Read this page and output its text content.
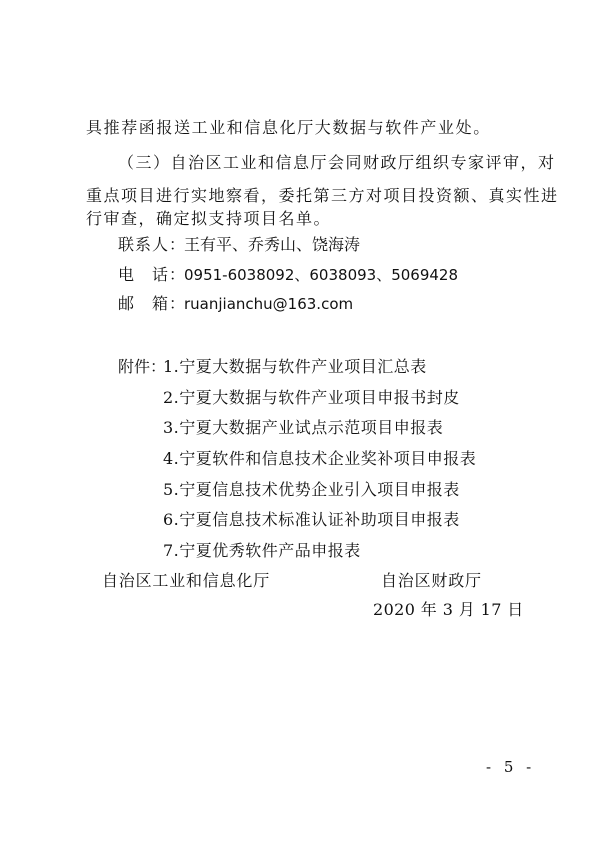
具推荐函报送工业和信息化厅大数据与软件产业处。

（三）自治区工业和信息厅会同财政厅组织专家评审，对

重点项目进行实地察看，委托第三方对项目投资额、真实性进

行审查，确定拟支持项目名单。

联系人：
王有平、乔秀山、饶海涛
电　话：
0951-6038092、6038093、5069428
邮　箱：
ruanjianchu@163.com
附件：
1.宁夏大数据与软件产业项目汇总表
2.宁夏大数据与软件产业项目申报书封皮
3.宁夏大数据产业试点示范项目申报表
4.宁夏软件和信息技术企业奖补项目申报表
5.宁夏信息技术优势企业引入项目申报表
6.宁夏信息技术标准认证补助项目申报表
7.宁夏优秀软件产品申报表
自治区工业和信息化厅	自治区财政厅
2020 年 3 月 17 日
- 5 -
